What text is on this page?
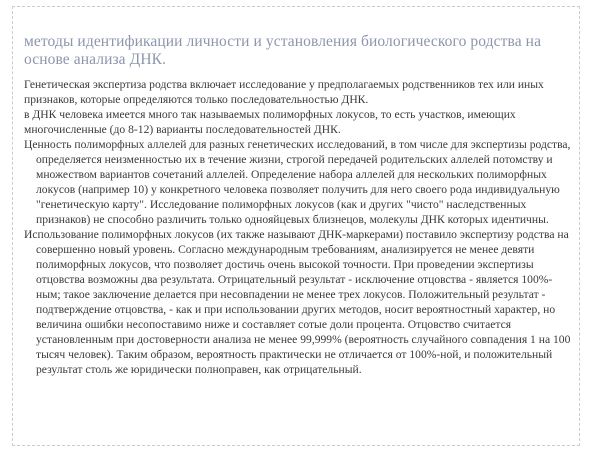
методы идентификации личности и установления биологического родства на основе анализа ДНК.

Генетическая экспертиза родства включает исследование у предполагаемых родственников тех или иных признаков, которые определяются только последовательностью ДНК.

в ДНК человека имеется много так называемых полиморфных локусов, то есть участков, имеющих многочисленные (до 8-12) варианты последовательностей ДНК.

Ценность полиморфных аллелей для разных генетических исследований, в том числе для экспертизы родства, определяется неизменностью их в течение жизни, строгой передачей родительских аллелей потомству и множеством вариантов сочетаний аллелей. Определение набора аллелей для нескольких полиморфных локусов (например 10) у конкретного человека позволяет получить для него своего рода индивидуальную "генетическую карту". Исследование полиморфных локусов (как и других "чисто" наследственных признаков) не способно различить только однояйцевых близнецов, молекулы ДНК которых идентичны.

Использование полиморфных локусов (их также называют ДНК-маркерами) поставило экспертизу родства на совершенно новый уровень. Согласно международным требованиям, анализируется не менее девяти полиморфных локусов, что позволяет достичь очень высокой точности. При проведении экспертизы отцовства возможны два результата. Отрицательный результат - исключение отцовства - является 100%-ным; такое заключение делается при несовпадении не менее трех локусов. Положительный результат - подтверждение отцовства, - как и при использовании других методов, носит вероятностный характер, но величина ошибки несопоставимо ниже и составляет сотые доли процента. Отцовство считается установленным при достоверности анализа не менее 99,999% (вероятность случайного совпадения 1 на 100 тысяч человек). Таким образом, вероятность практически не отличается от 100%-ной, и положительный результат столь же юридически полноправен, как отрицательный.
